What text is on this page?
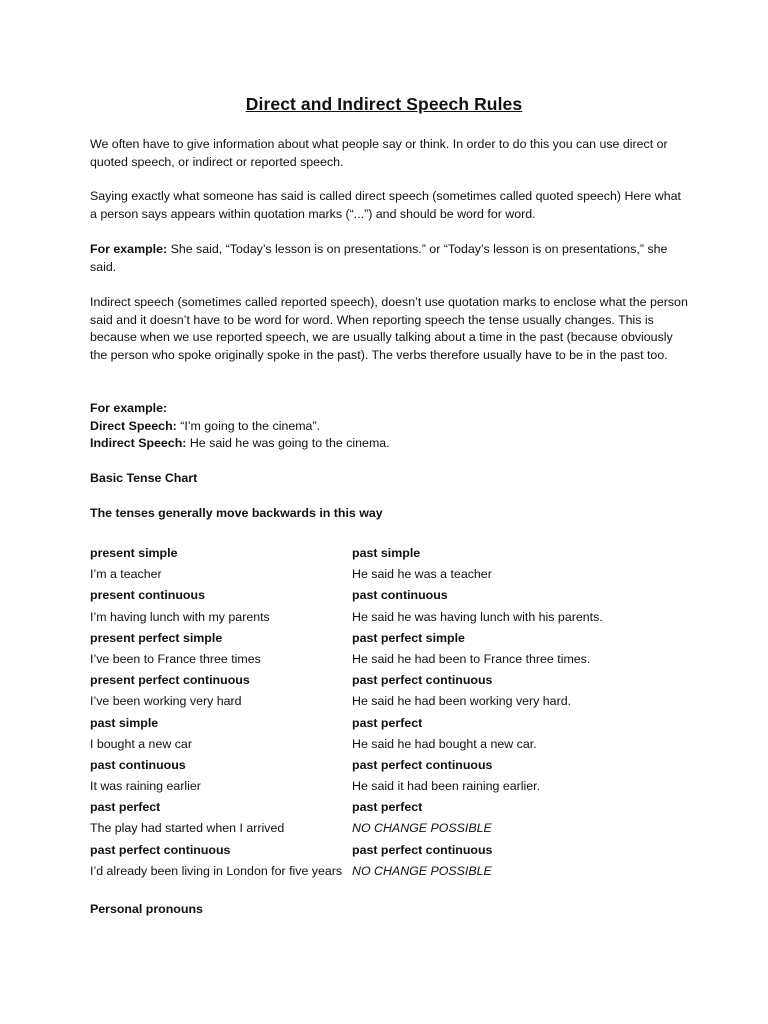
Direct and Indirect Speech Rules

We often have to give information about what people say or think. In order to do this you can use direct or quoted speech, or indirect or reported speech.

Saying exactly what someone has said is called direct speech (sometimes called quoted speech) Here what a person says appears within quotation marks (“...”) and should be word for word.

For example: She said, “Today’s lesson is on presentations.” or “Today’s lesson is on presentations,” she said.

Indirect speech (sometimes called reported speech), doesn’t use quotation marks to enclose what the person said and it doesn’t have to be word for word. When reporting speech the tense usually changes. This is because when we use reported speech, we are usually talking about a time in the past (because obviously the person who spoke originally spoke in the past). The verbs therefore usually have to be in the past too.

For example:
Direct Speech: “I’m going to the cinema”.
Indirect Speech: He said he was going to the cinema.
Basic Tense Chart
The tenses generally move backwards in this way
present simple	past simple
I’m a teacher	He said he was a teacher
present continuous	past continuous
I’m having lunch with my parents	He said he was having lunch with his parents.
present perfect simple	past perfect simple
I’ve been to France three times	He said he had been to France three times.
present perfect continuous	past perfect continuous
I’ve been working very hard	He said he had been working very hard.
past simple	past perfect
I bought a new car	He said he had bought a new car.
past continuous	past perfect continuous
It was raining earlier	He said it had been raining earlier.
past perfect	past perfect
The play had started when I arrived	NO CHANGE POSSIBLE
past perfect continuous	past perfect continuous
I’d already been living in London for five years NO CHANGE POSSIBLE
Personal pronouns
